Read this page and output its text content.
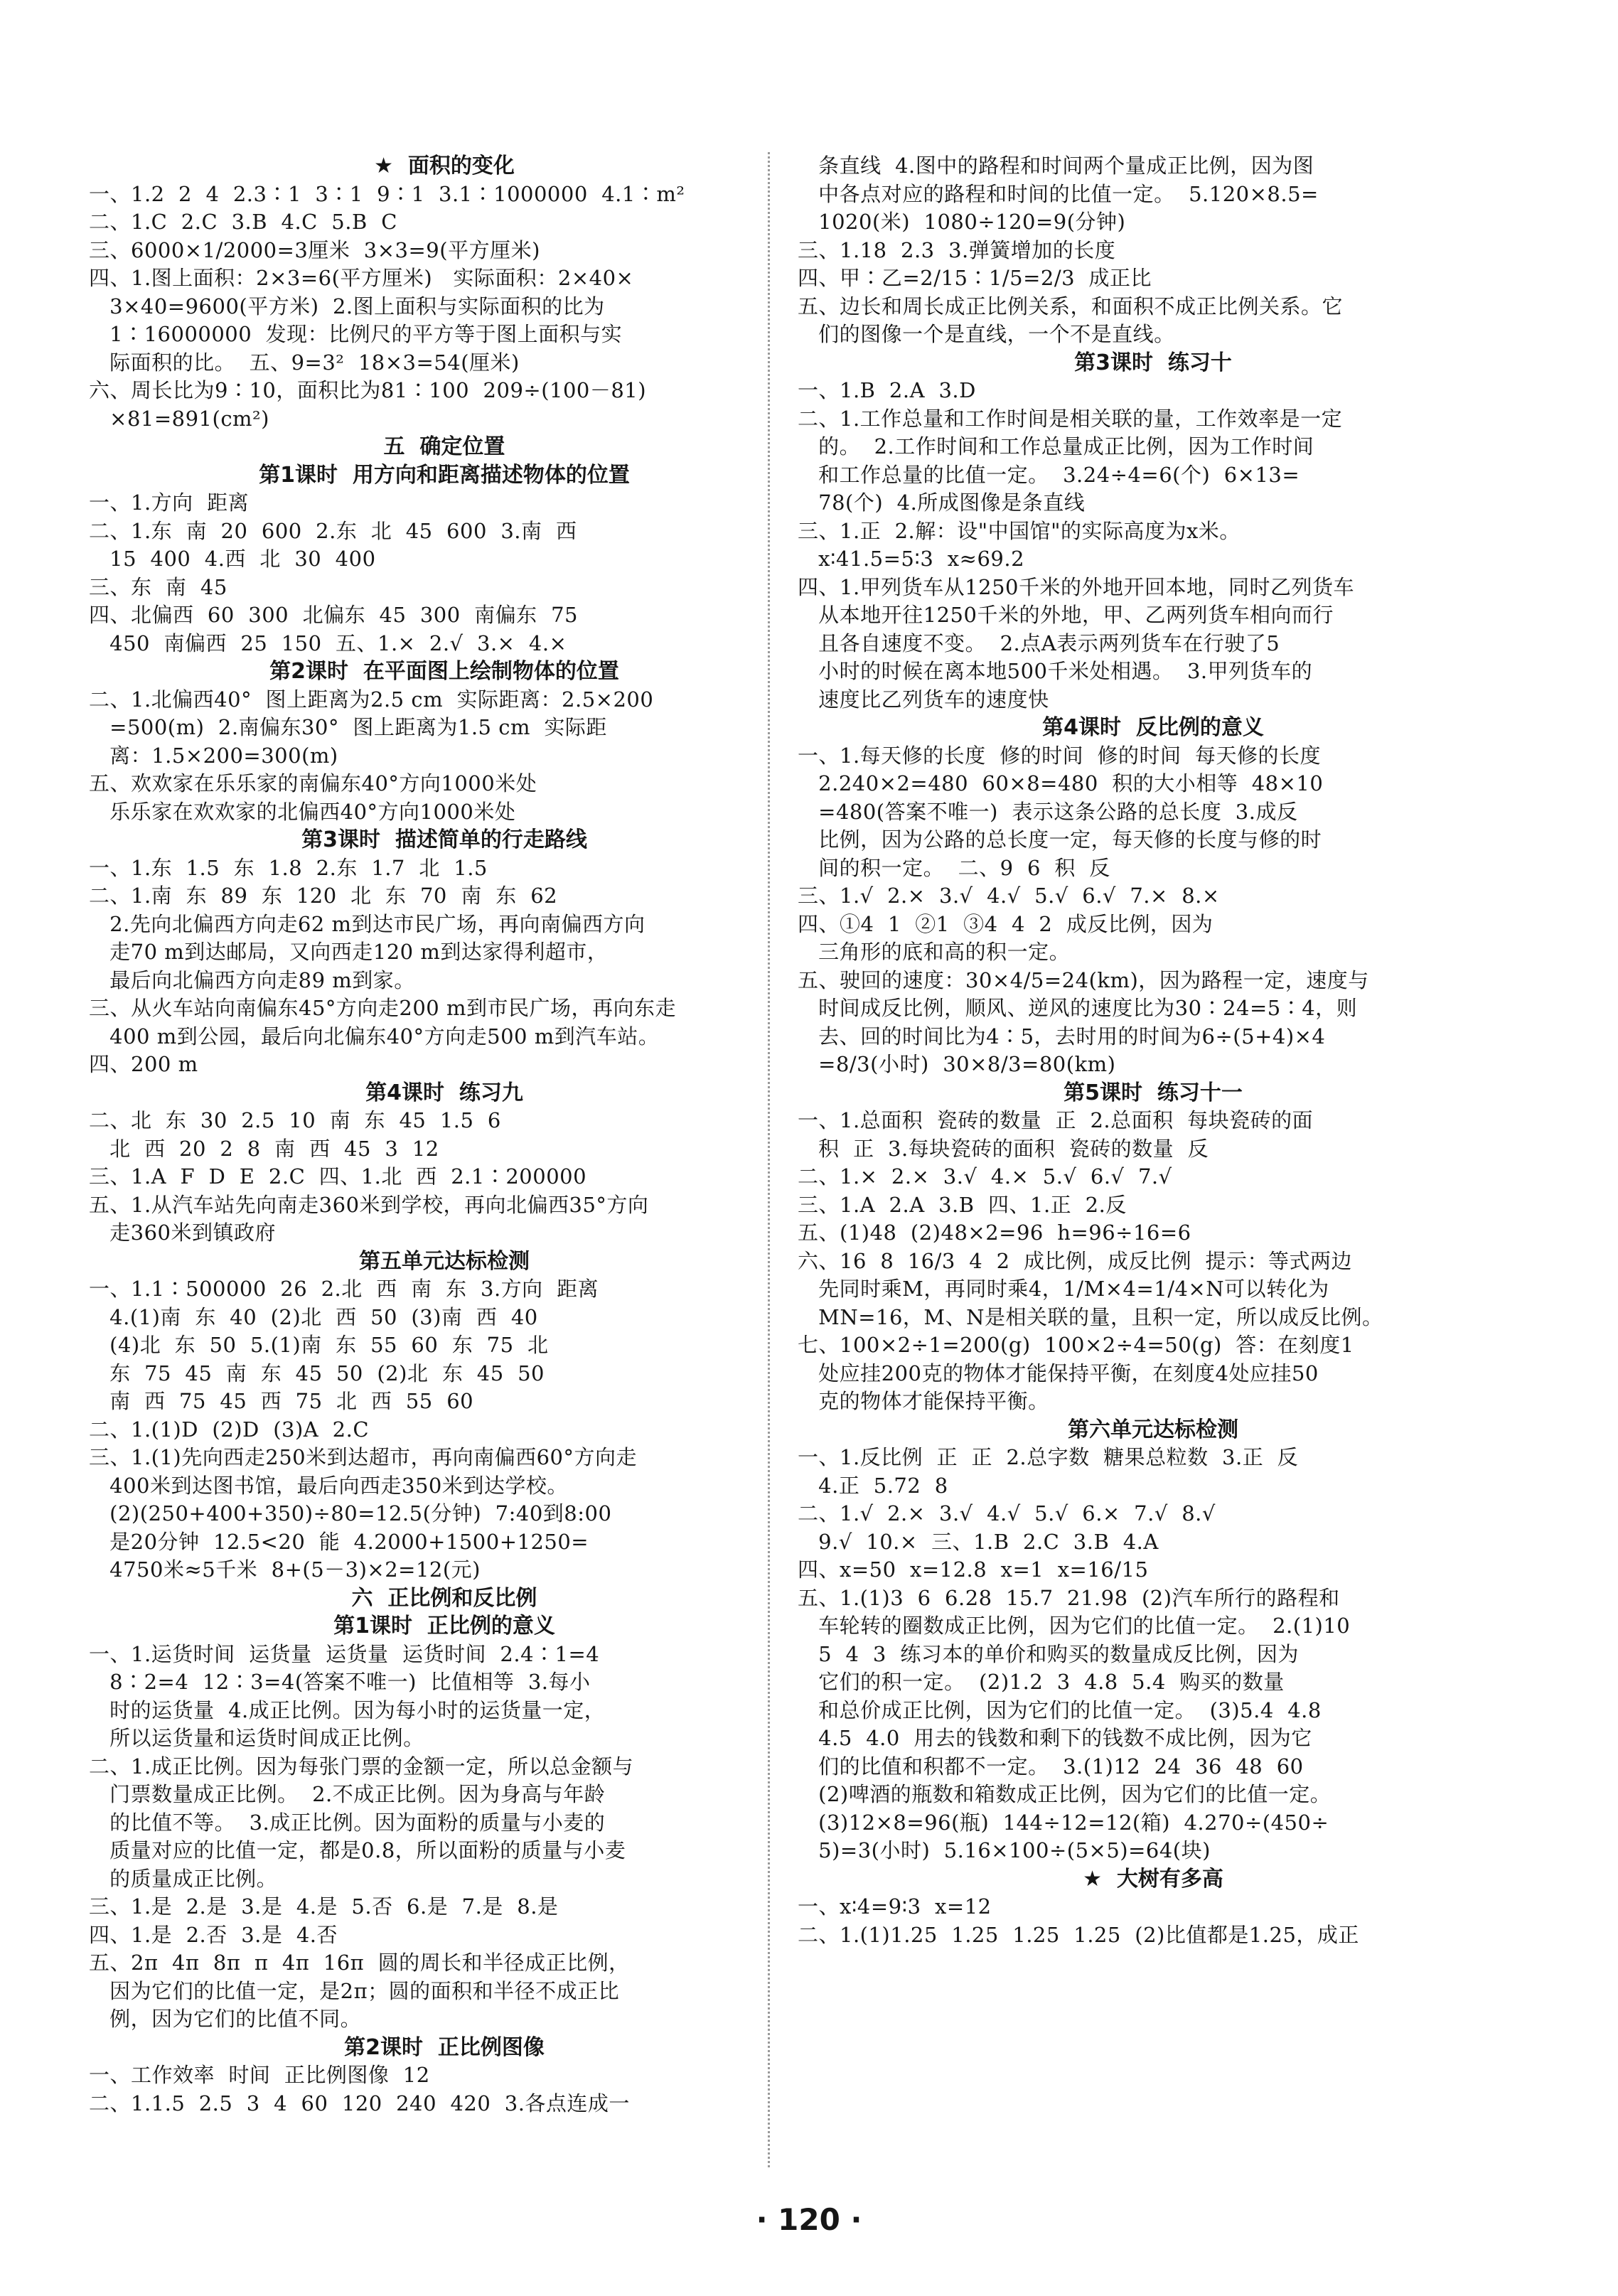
★  面积的变化
一、1.2  2  4  2.3∶1  3∶1  9∶1  3.1∶1000000  4.1∶m²
二、1.C  2.C  3.B  4.C  5.B  C
三、6000×1/2000=3厘米  3×3=9(平方厘米)
四、1.图上面积：2×3=6(平方厘米)   实际面积：2×40×
3×40=9600(平方米)  2.图上面积与实际面积的比为
1∶16000000  发现：比例尺的平方等于图上面积与实
际面积的比。  五、9=3²  18×3=54(厘米)
六、周长比为9∶10，面积比为81∶100  209÷(100－81)
×81=891(cm²)
五  确定位置
第1课时  用方向和距离描述物体的位置
一、1.方向  距离
二、1.东  南  20  600  2.东  北  45  600  3.南  西
15  400  4.西  北  30  400
三、东  南  45
四、北偏西  60  300  北偏东  45  300  南偏东  75
450  南偏西  25  150  五、1.×  2.√  3.×  4.×
第2课时  在平面图上绘制物体的位置
二、1.北偏西40°  图上距离为2.5 cm  实际距离：2.5×200
=500(m)  2.南偏东30°  图上距离为1.5 cm  实际距
离：1.5×200=300(m)
五、欢欢家在乐乐家的南偏东40°方向1000米处
乐乐家在欢欢家的北偏西40°方向1000米处
第3课时  描述简单的行走路线
一、1.东  1.5  东  1.8  2.东  1.7  北  1.5
二、1.南  东  89  东  120  北  东  70  南  东  62
2.先向北偏西方向走62 m到达市民广场，再向南偏西方向
走70 m到达邮局，又向西走120 m到达家得利超市，
最后向北偏西方向走89 m到家。
三、从火车站向南偏东45°方向走200 m到市民广场，再向东走
400 m到公园，最后向北偏东40°方向走500 m到汽车站。
四、200 m
第4课时  练习九
二、北  东  30  2.5  10  南  东  45  1.5  6
北  西  20  2  8  南  西  45  3  12
三、1.A  F  D  E  2.C  四、1.北  西  2.1∶200000
五、1.从汽车站先向南走360米到学校，再向北偏西35°方向
走360米到镇政府
第五单元达标检测
一、1.1∶500000  26  2.北  西  南  东  3.方向  距离
4.(1)南  东  40  (2)北  西  50  (3)南  西  40
(4)北  东  50  5.(1)南  东  55  60  东  75  北
东  75  45  南  东  45  50  (2)北  东  45  50
南  西  75  45  西  75  北  西  55  60
二、1.(1)D  (2)D  (3)A  2.C
三、1.(1)先向西走250米到达超市，再向南偏西60°方向走
400米到达图书馆，最后向西走350米到达学校。
(2)(250+400+350)÷80=12.5(分钟)  7:40到8:00
是20分钟  12.5<20  能  4.2000+1500+1250=
4750米≈5千米  8+(5－3)×2=12(元)
六  正比例和反比例
第1课时  正比例的意义
一、1.运货时间  运货量  运货量  运货时间  2.4∶1=4
8∶2=4  12∶3=4(答案不唯一)  比值相等  3.每小
时的运货量  4.成正比例。因为每小时的运货量一定，
所以运货量和运货时间成正比例。
二、1.成正比例。因为每张门票的金额一定，所以总金额与
门票数量成正比例。  2.不成正比例。因为身高与年龄
的比值不等。  3.成正比例。因为面粉的质量与小麦的
质量对应的比值一定，都是0.8，所以面粉的质量与小麦
的质量成正比例。
三、1.是  2.是  3.是  4.是  5.否  6.是  7.是  8.是
四、1.是  2.否  3.是  4.否
五、2π  4π  8π  π  4π  16π  圆的周长和半径成正比例，
因为它们的比值一定，是2π；圆的面积和半径不成正比
例，因为它们的比值不同。
第2课时  正比例图像
一、工作效率  时间  正比例图像  12
二、1.1.5  2.5  3  4  60  120  240  420  3.各点连成一
条直线  4.图中的路程和时间两个量成正比例，因为图
中各点对应的路程和时间的比值一定。  5.120×8.5=
1020(米)  1080÷120=9(分钟)
三、1.18  2.3  3.弹簧增加的长度
四、甲∶乙=2/15∶1/5=2/3  成正比
五、边长和周长成正比例关系，和面积不成正比例关系。它
们的图像一个是直线，一个不是直线。
第3课时  练习十
一、1.B  2.A  3.D
二、1.工作总量和工作时间是相关联的量，工作效率是一定
的。  2.工作时间和工作总量成正比例，因为工作时间
和工作总量的比值一定。  3.24÷4=6(个)  6×13=
78(个)  4.所成图像是条直线
三、1.正  2.解：设"中国馆"的实际高度为x米。
x∶41.5=5∶3  x≈69.2
四、1.甲列货车从1250千米的外地开回本地，同时乙列货车
从本地开往1250千米的外地，甲、乙两列货车相向而行
且各自速度不变。  2.点A表示两列货车在行驶了5
小时的时候在离本地500千米处相遇。  3.甲列货车的
速度比乙列货车的速度快
第4课时  反比例的意义
一、1.每天修的长度  修的时间  修的时间  每天修的长度
2.240×2=480  60×8=480  积的大小相等  48×10
=480(答案不唯一)  表示这条公路的总长度  3.成反
比例，因为公路的总长度一定，每天修的长度与修的时
间的积一定。  二、9  6  积  反
三、1.√  2.×  3.√  4.√  5.√  6.√  7.×  8.×
四、①4  1  ②1  ③4  4  2  成反比例，因为
三角形的底和高的积一定。
五、驶回的速度：30×4/5=24(km)，因为路程一定，速度与
时间成反比例，顺风、逆风的速度比为30∶24=5∶4，则
去、回的时间比为4∶5，去时用的时间为6÷(5+4)×4
=8/3(小时)  30×8/3=80(km)
第5课时  练习十一
一、1.总面积  瓷砖的数量  正  2.总面积  每块瓷砖的面
积  正  3.每块瓷砖的面积  瓷砖的数量  反
二、1.×  2.×  3.√  4.×  5.√  6.√  7.√
三、1.A  2.A  3.B  四、1.正  2.反
五、(1)48  (2)48×2=96  h=96÷16=6
六、16  8  16/3  4  2  成比例，成反比例  提示：等式两边
先同时乘M，再同时乘4，1/M×4=1/4×N可以转化为
MN=16，M、N是相关联的量，且积一定，所以成反比例。
七、100×2÷1=200(g)  100×2÷4=50(g)  答：在刻度1
处应挂200克的物体才能保持平衡，在刻度4处应挂50
克的物体才能保持平衡。
第六单元达标检测
一、1.反比例  正  正  2.总字数  糖果总粒数  3.正  反
4.正  5.72  8
二、1.√  2.×  3.√  4.√  5.√  6.×  7.√  8.√
9.√  10.×  三、1.B  2.C  3.B  4.A
四、x=50  x=12.8  x=1  x=16/15
五、1.(1)3  6  6.28  15.7  21.98  (2)汽车所行的路程和
车轮转的圈数成正比例，因为它们的比值一定。  2.(1)10
5  4  3  练习本的单价和购买的数量成反比例，因为
它们的积一定。  (2)1.2  3  4.8  5.4  购买的数量
和总价成正比例，因为它们的比值一定。  (3)5.4  4.8
4.5  4.0  用去的钱数和剩下的钱数不成比例，因为它
们的比值和积都不一定。  3.(1)12  24  36  48  60
(2)啤酒的瓶数和箱数成正比例，因为它们的比值一定。
(3)12×8=96(瓶)  144÷12=12(箱)  4.270÷(450÷
5)=3(小时)  5.16×100÷(5×5)=64(块)
★  大树有多高
一、x∶4=9∶3  x=12
二、1.(1)1.25  1.25  1.25  1.25  (2)比值都是1.25，成正
· 120 ·
